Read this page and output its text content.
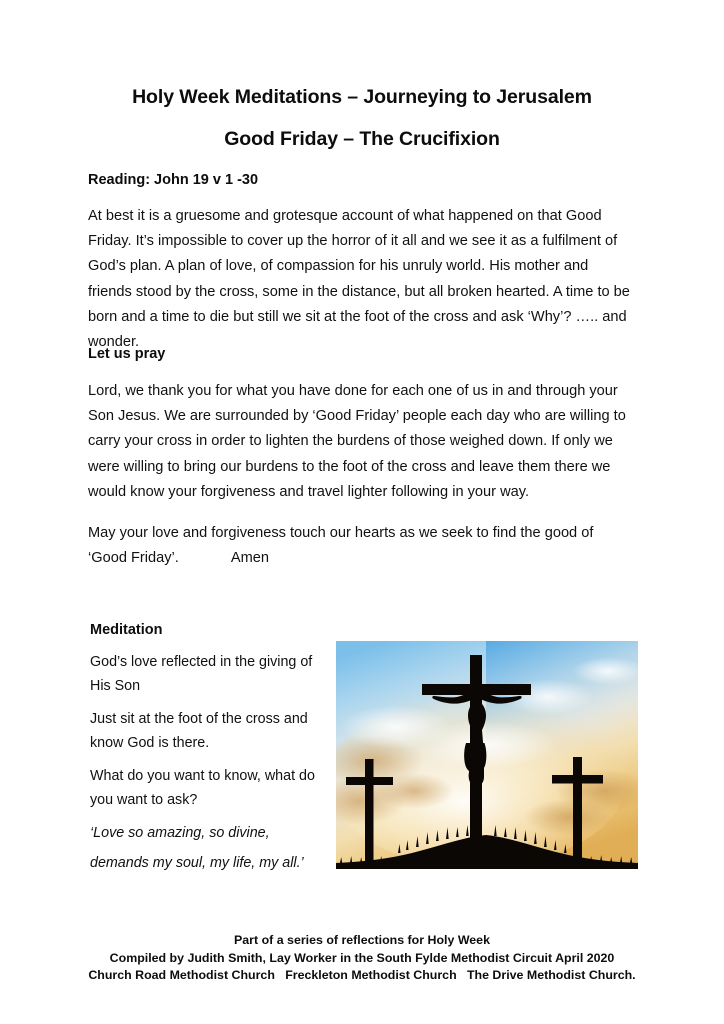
Holy Week Meditations – Journeying to Jerusalem
Good Friday – The Crucifixion
Reading: John 19 v 1 -30
At best it is a gruesome and grotesque account of what happened on that Good Friday. It’s impossible to cover up the horror of it all and we see it as a fulfilment of God’s plan. A plan of love, of compassion for his unruly world. His mother and friends stood by the cross, some in the distance, but all broken hearted. A time to be born and a time to die but still we sit at the foot of the cross and ask ‘Why’? ….. and wonder.
Let us pray
Lord, we thank you for what you have done for each one of us in and through your Son Jesus. We are surrounded by ‘Good Friday’ people each day who are willing to carry your cross in order to lighten the burdens of those weighed down. If only we were willing to bring our burdens to the foot of the cross and leave them there we would know your forgiveness and travel lighter following in your way.
May your love and forgiveness touch our hearts as we seek to find the good of ‘Good Friday’.	Amen
Meditation
God’s love reflected in the giving of His Son
Just sit at the foot of the cross and know God is there.
What do you want to know, what do you want to ask?
‘Love so amazing, so divine,
demands my soul, my life, my all.’
Part of a series of reflections for Holy Week
Compiled by Judith Smith, Lay Worker in the South Fylde Methodist Circuit April 2020
Church Road Methodist Church   Freckleton Methodist Church   The Drive Methodist Church.
